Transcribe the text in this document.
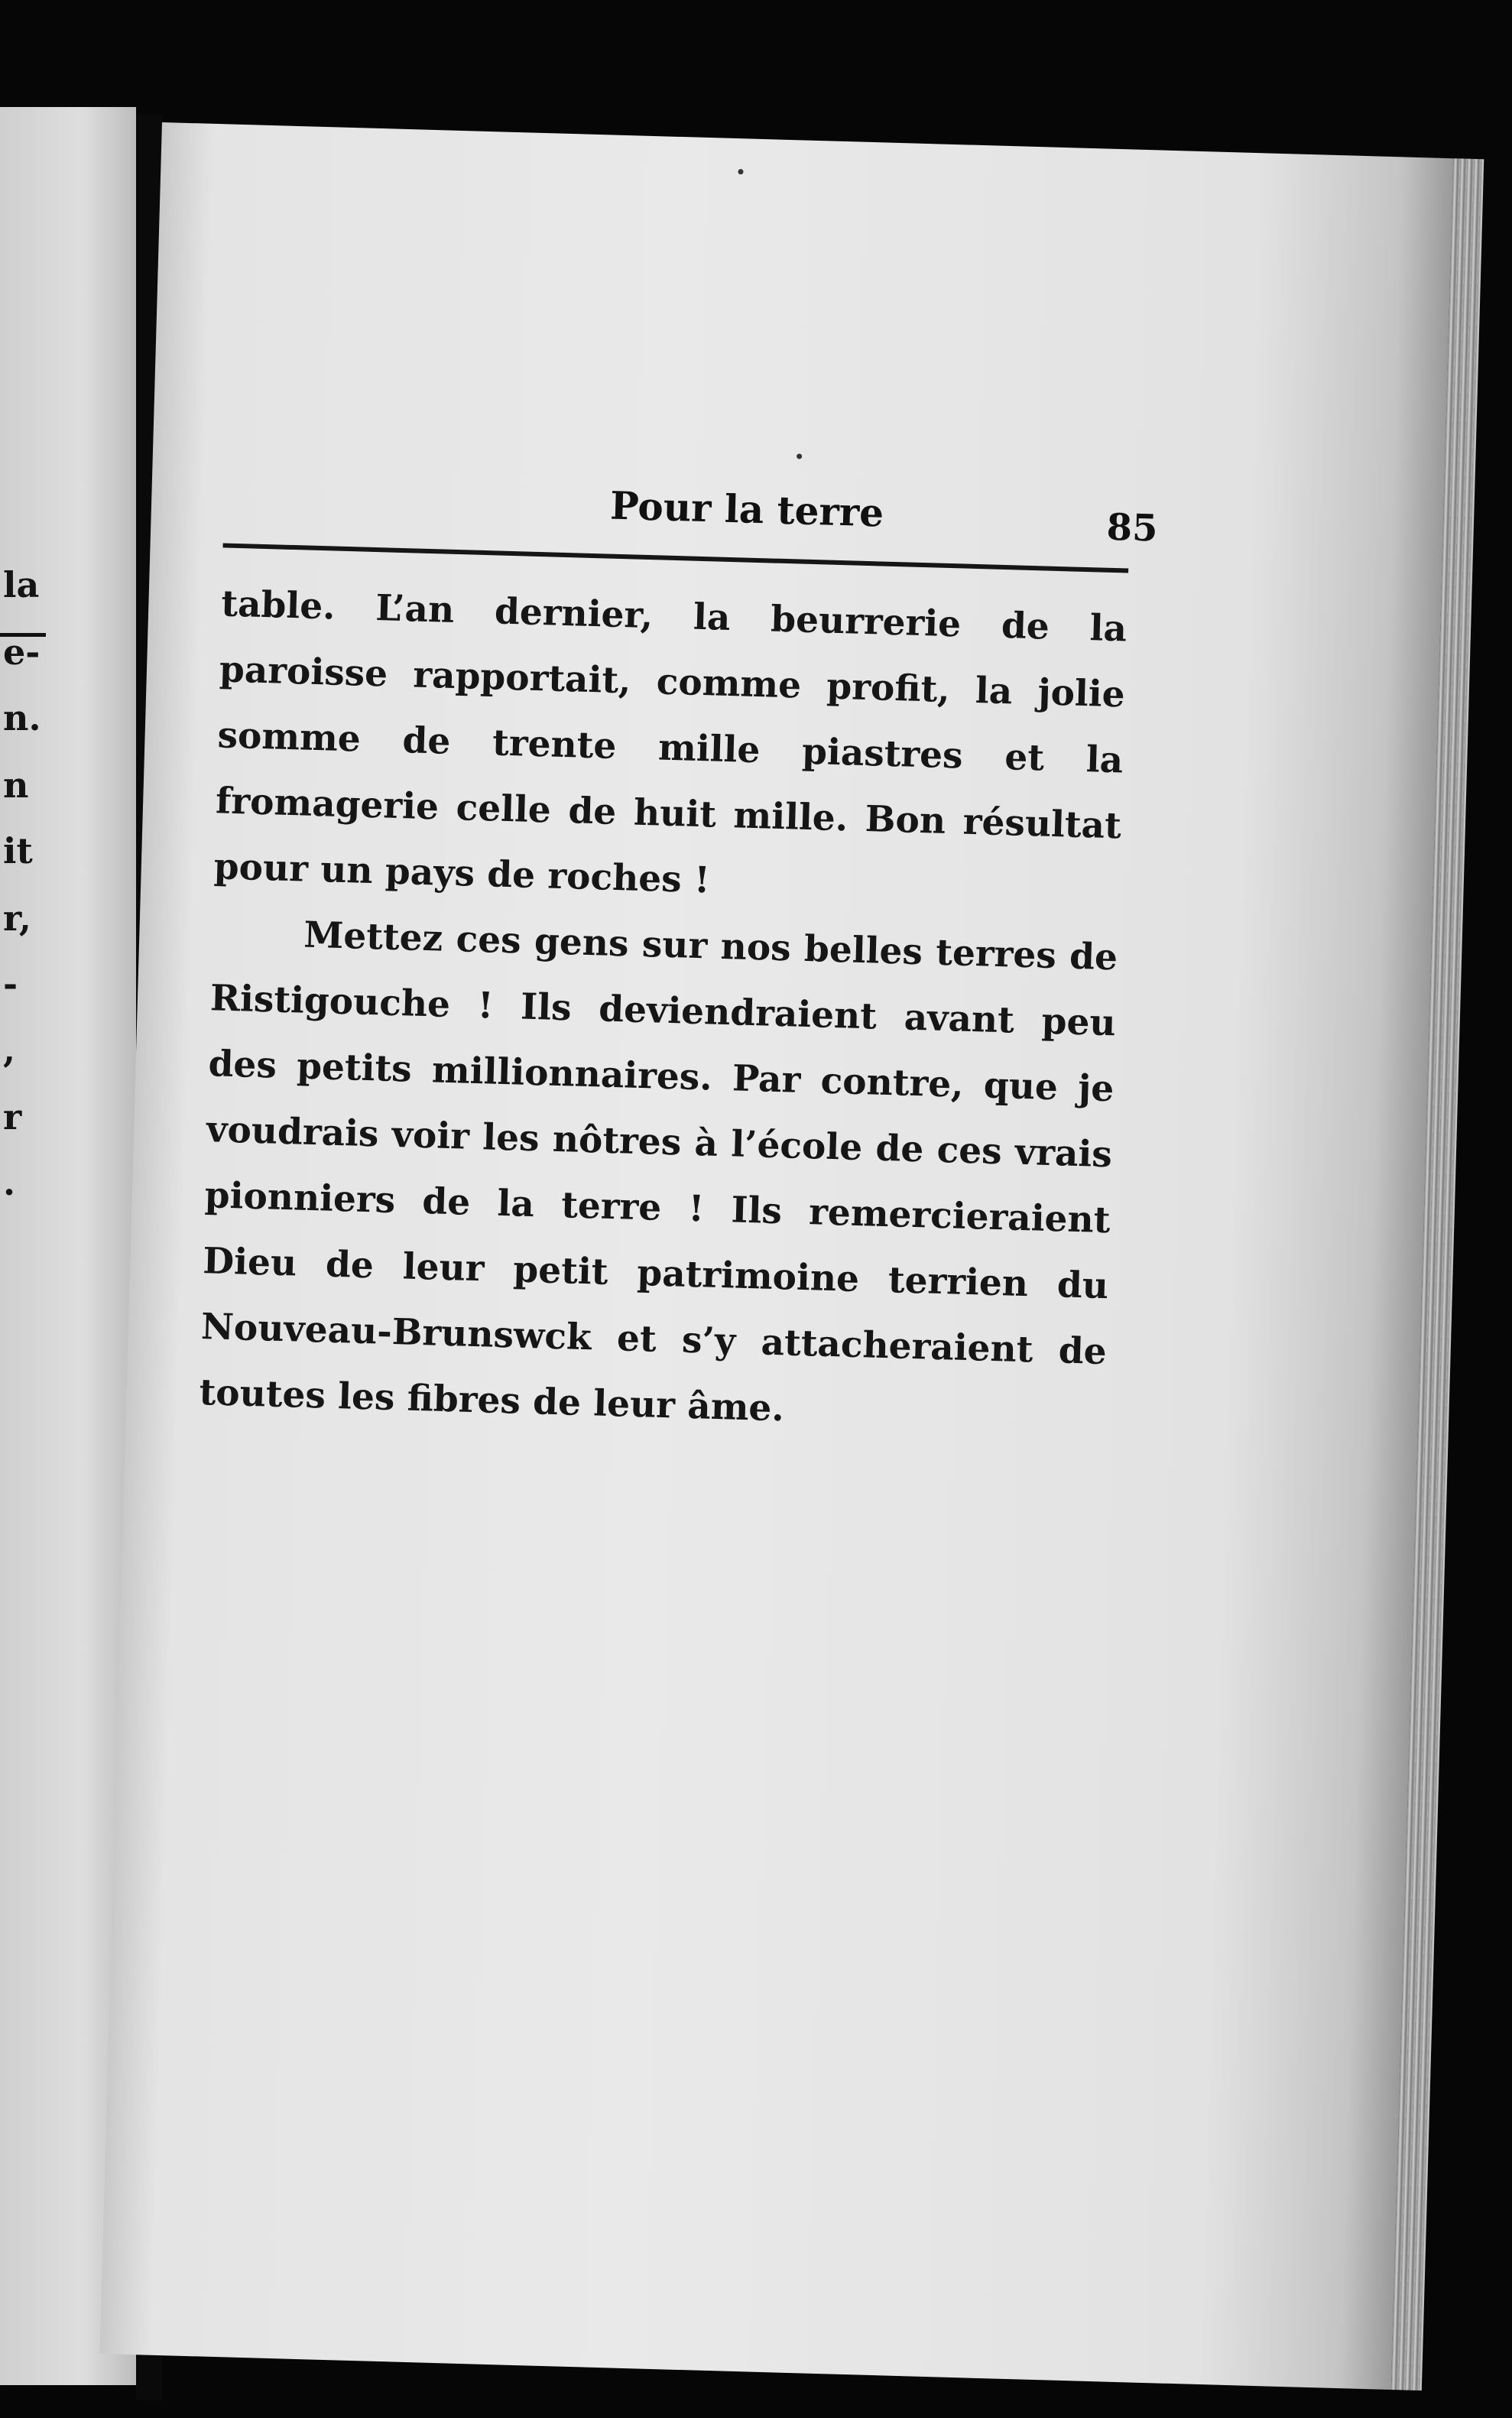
la
e-
n.
n
it
r,
-
,
r
.
Pour la terre	85

table. L’an dernier, la beurrerie de la paroisse rapportait, comme profit, la jolie somme de trente mille piastres et la fromagerie celle de huit mille. Bon résultat pour un pays de roches !

Mettez ces gens sur nos belles terres de Ristigouche ! Ils deviendraient avant peu des petits millionnaires. Par contre, que je voudrais voir les nôtres à l’école de ces vrais pionniers de la terre ! Ils remercieraient Dieu de leur petit patrimoine terrien du Nouveau-Brunswck et s’y attacheraient de toutes les fibres de leur âme.
